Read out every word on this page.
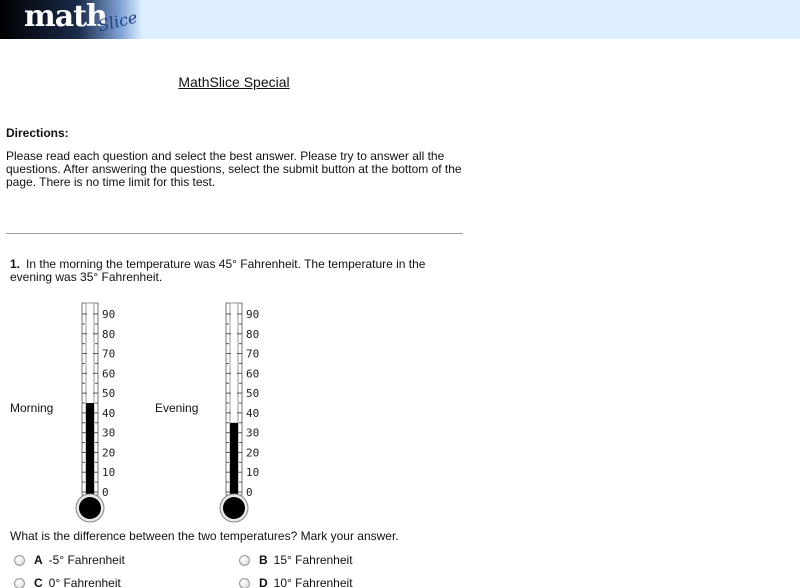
math
Slice
MathSlice Special
Directions:
Please read each question and select the best answer. Please try to answer all the questions. After answering the questions, select the submit button at the bottom of the page. There is no time limit for this test.
1. In the morning the temperature was 45° Fahrenheit. The temperature in the evening was 35° Fahrenheit.
Morning
0
10
20
30
40
50
60
70
80
90
Evening
0
10
20
30
40
50
60
70
80
90
What is the difference between the two temperatures? Mark your answer.
A -5° Fahrenheit	B 15° Fahrenheit
C 0° Fahrenheit	D 10° Fahrenheit
